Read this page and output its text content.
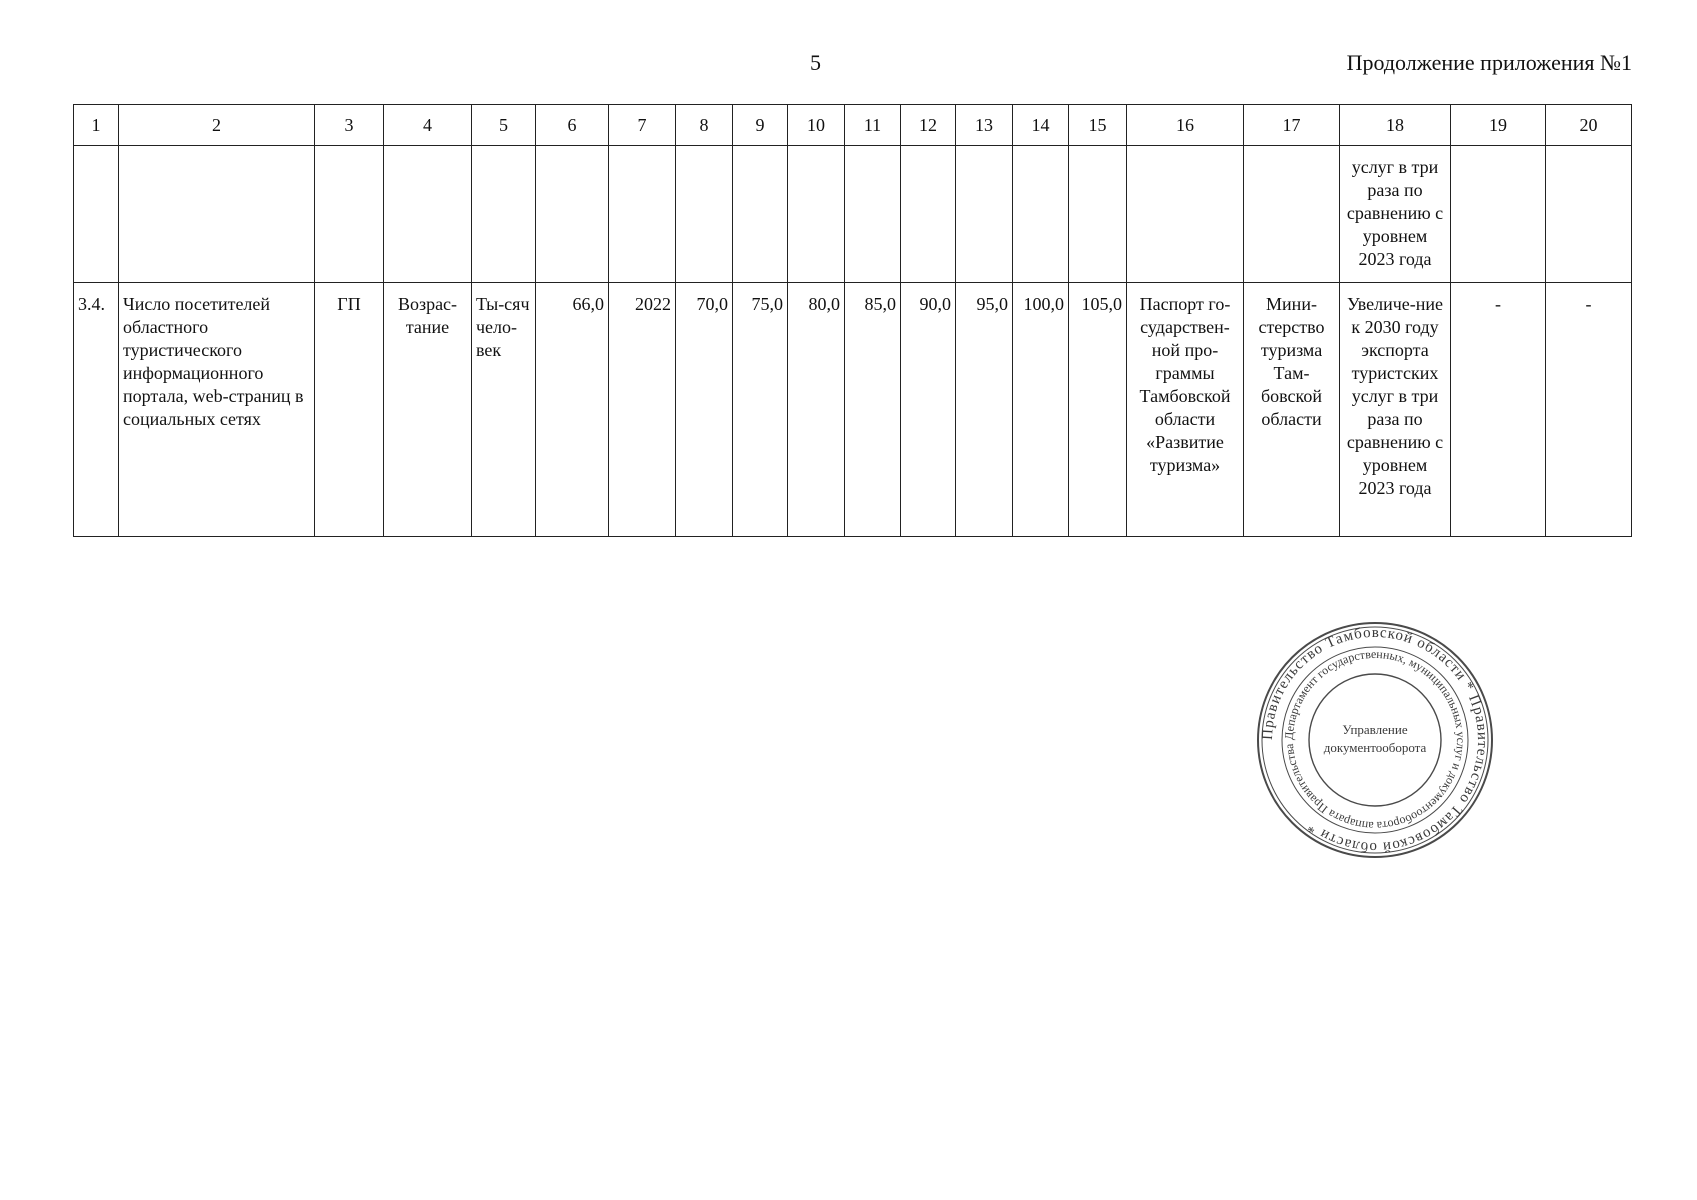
5	Продолжение приложения №1
1	2	3	4	5	6	7	8	9	10	11	12	13	14	15	16	17	18	19	20
																	услуг в три раза по сравнению с уровнем 2023 года		
3.4.	Число посетителей областного туристического информационного портала, web-страниц в социальных сетях	ГП	Возрас-тание	Ты-сяч чело-век	66,0	2022	70,0	75,0	80,0	85,0	90,0	95,0	100,0	105,0	Паспорт го-сударствен-ной про-граммы Тамбовской области «Развитие туризма»	Мини-стерство туризма Там-бовской области	Увеличе-ние к 2030 году экспорта туристских услуг в три раза по сравнению с уровнем 2023 года	-	-
Правительство Тамбовской области * Правительство Тамбовской области *
Департамент государственных, муниципальных услуг и документооборота аппарата Правительства
Управление
документооборота
